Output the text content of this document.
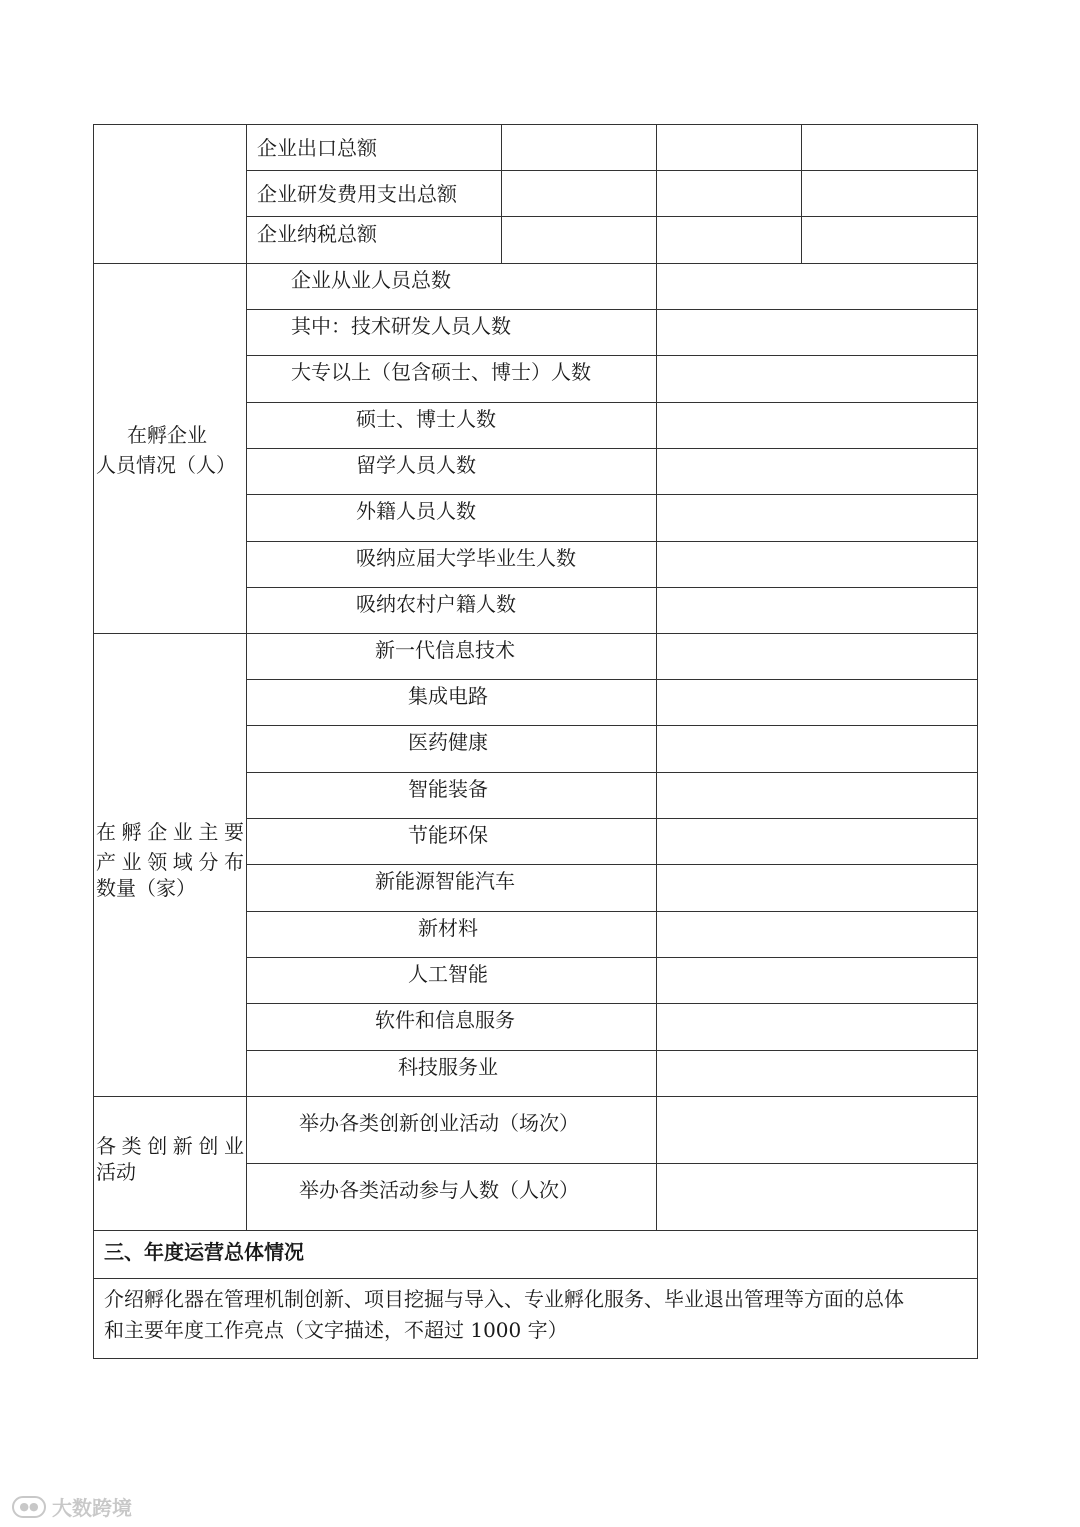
企业出口总额
企业研发费用支出总额
企业纳税总额
在孵企业
人员情况（人）
企业从业人员总数
其中：技术研发人员人数
大专以上（包含硕士、博士）人数
硕士、博士人数
留学人员人数
外籍人员人数
吸纳应届大学毕业生人数
吸纳农村户籍人数
在 孵 企 业 主 要
产 业 领 域 分 布
数量（家）
新一代信息技术
集成电路
医药健康
智能装备
节能环保
新能源智能汽车
新材料
人工智能
软件和信息服务
科技服务业
各 类 创 新 创 业
活动
举办各类创新创业活动（场次）
举办各类活动参与人数（人次）
三、年度运营总体情况
介绍孵化器在管理机制创新、项目挖掘与导入、专业孵化服务、毕业退出管理等方面的总体
和主要年度工作亮点（文字描述，不超过 1000 字）
●● 大数跨境
